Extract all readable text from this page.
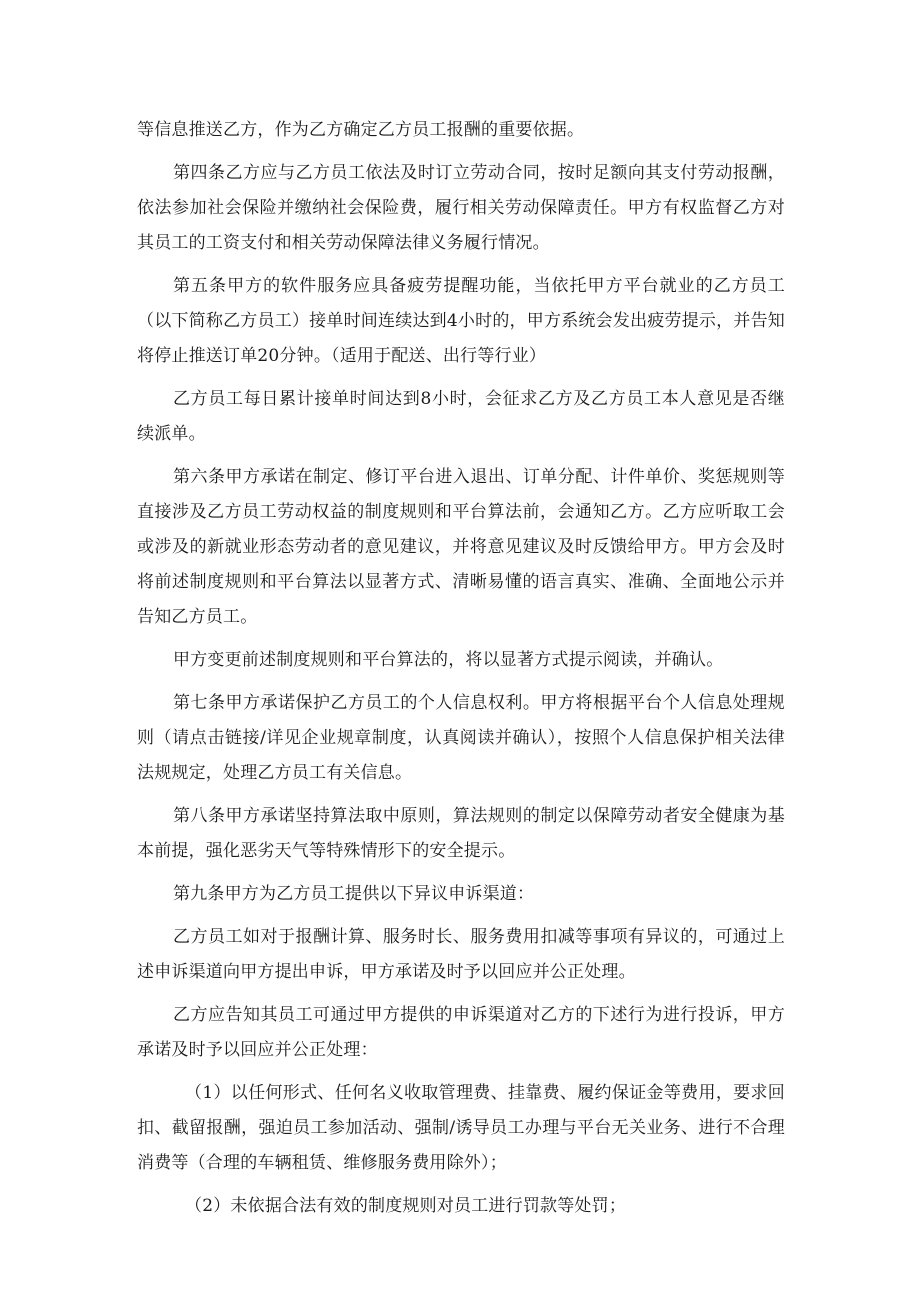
等信息推送乙方，作为乙方确定乙方员工报酬的重要依据。

第四条乙方应与乙方员工依法及时订立劳动合同，按时足额向其支付劳动报酬，依法参加社会保险并缴纳社会保险费，履行相关劳动保障责任。甲方有权监督乙方对其员工的工资支付和相关劳动保障法律义务履行情况。

第五条甲方的软件服务应具备疲劳提醒功能，当依托甲方平台就业的乙方员工（以下简称乙方员工）接单时间连续达到4小时的，甲方系统会发出疲劳提示，并告知将停止推送订单20分钟。（适用于配送、出行等行业）

乙方员工每日累计接单时间达到8小时，会征求乙方及乙方员工本人意见是否继续派单。

第六条甲方承诺在制定、修订平台进入退出、订单分配、计件单价、奖惩规则等直接涉及乙方员工劳动权益的制度规则和平台算法前，会通知乙方。乙方应听取工会或涉及的新就业形态劳动者的意见建议，并将意见建议及时反馈给甲方。甲方会及时将前述制度规则和平台算法以显著方式、清晰易懂的语言真实、准确、全面地公示并告知乙方员工。

甲方变更前述制度规则和平台算法的，将以显著方式提示阅读，并确认。

第七条甲方承诺保护乙方员工的个人信息权利。甲方将根据平台个人信息处理规则（请点击链接/详见企业规章制度，认真阅读并确认），按照个人信息保护相关法律法规规定，处理乙方员工有关信息。

第八条甲方承诺坚持算法取中原则，算法规则的制定以保障劳动者安全健康为基本前提，强化恶劣天气等特殊情形下的安全提示。

第九条甲方为乙方员工提供以下异议申诉渠道：

乙方员工如对于报酬计算、服务时长、服务费用扣减等事项有异议的，可通过上述申诉渠道向甲方提出申诉，甲方承诺及时予以回应并公正处理。

乙方应告知其员工可通过甲方提供的申诉渠道对乙方的下述行为进行投诉，甲方承诺及时予以回应并公正处理：

（1）以任何形式、任何名义收取管理费、挂靠费、履约保证金等费用，要求回扣、截留报酬，强迫员工参加活动、强制/诱导员工办理与平台无关业务、进行不合理消费等（合理的车辆租赁、维修服务费用除外）；

（2）未依据合法有效的制度规则对员工进行罚款等处罚；
